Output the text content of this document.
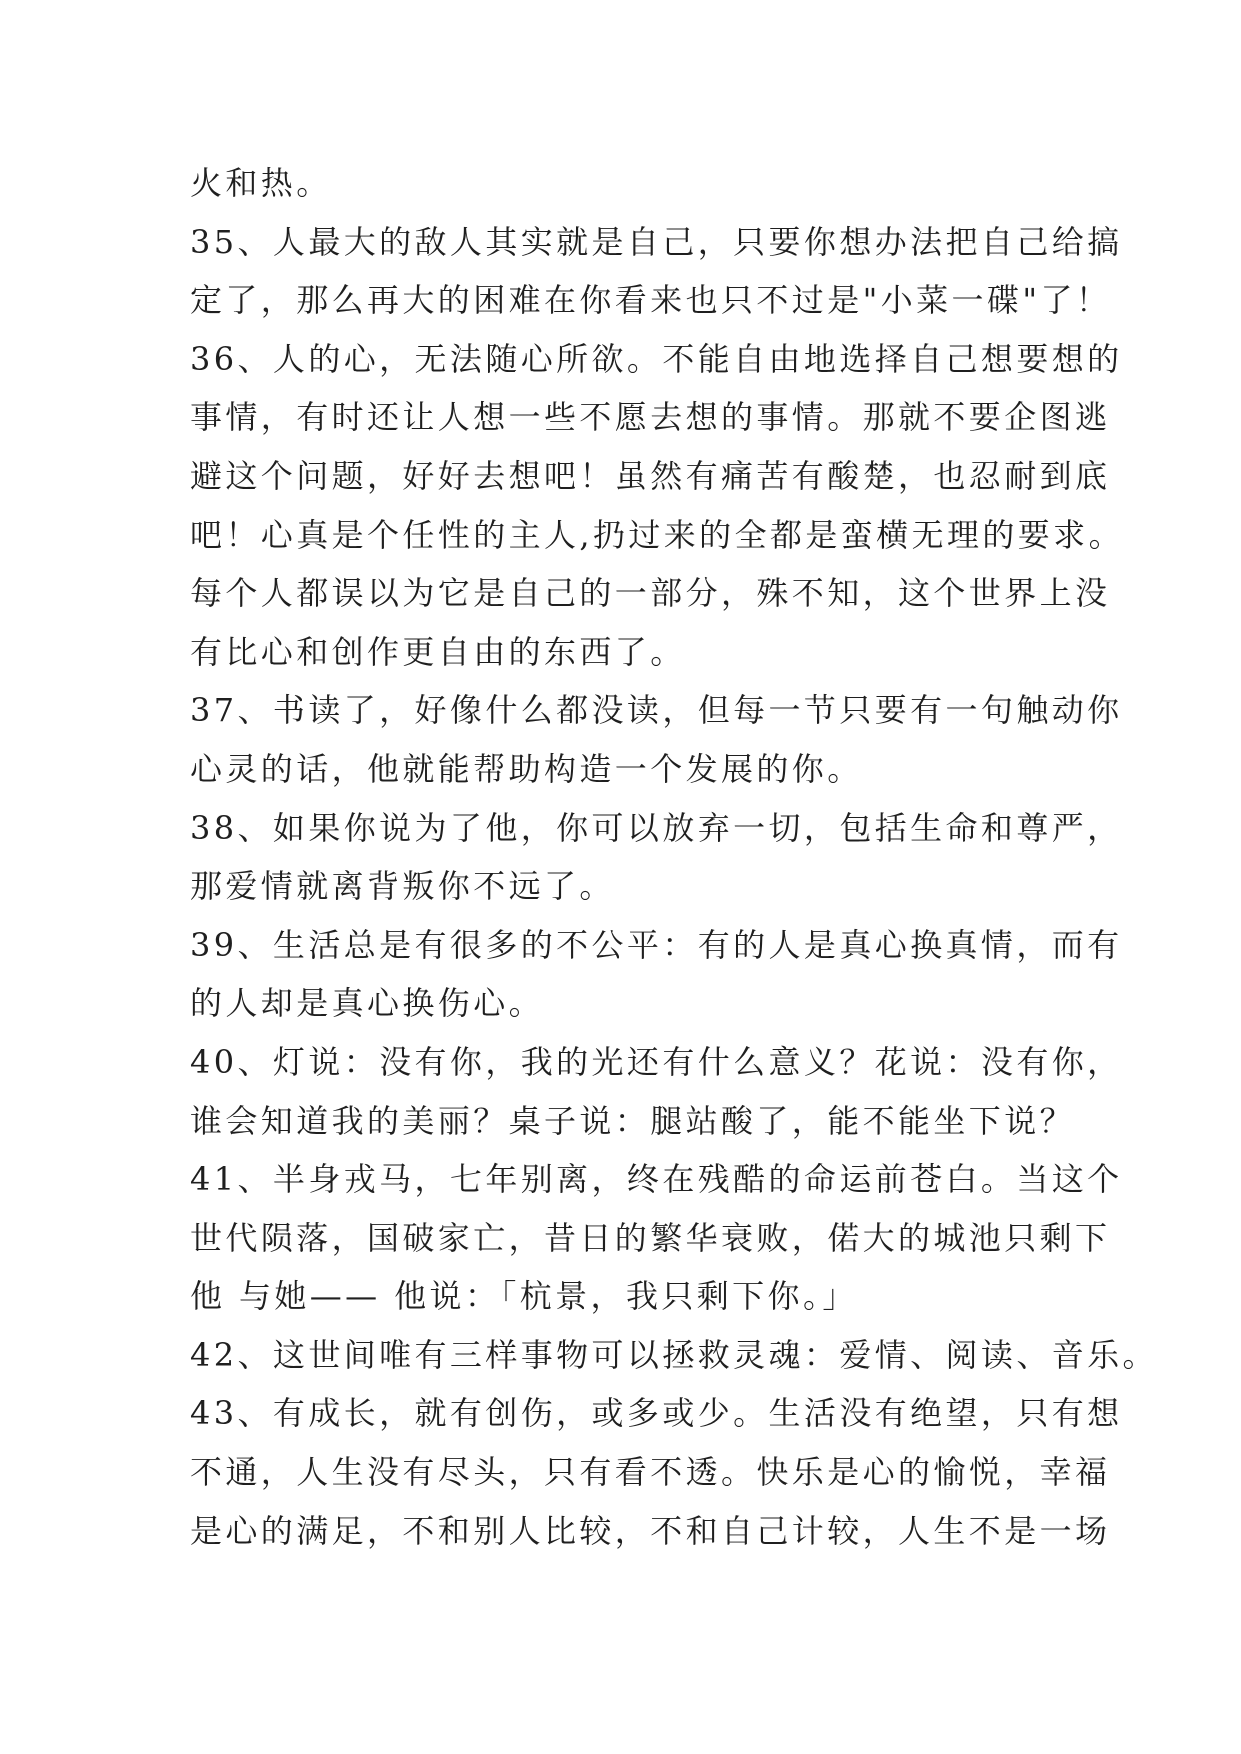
火和热。
35、人最大的敌人其实就是自己，只要你想办法把自己给搞
定了，那么再大的困难在你看来也只不过是"小菜一碟"了！
36、人的心，无法随心所欲。不能自由地选择自己想要想的
事情，有时还让人想一些不愿去想的事情。那就不要企图逃
避这个问题，好好去想吧！虽然有痛苦有酸楚，也忍耐到底
吧！心真是个任性的主人,扔过来的全都是蛮横无理的要求。
每个人都误以为它是自己的一部分，殊不知，这个世界上没
有比心和创作更自由的东西了。
37、书读了，好像什么都没读，但每一节只要有一句触动你
心灵的话，他就能帮助构造一个发展的你。
38、如果你说为了他，你可以放弃一切，包括生命和尊严，
那爱情就离背叛你不远了。
39、生活总是有很多的不公平：有的人是真心换真情，而有
的人却是真心换伤心。
40、灯说：没有你，我的光还有什么意义？花说：没有你，
谁会知道我的美丽？桌子说：腿站酸了，能不能坐下说？
41、半身戎马，七年别离，终在残酷的命运前苍白。当这个
世代陨落，国破家亡，昔日的繁华衰败，偌大的城池只剩下
他 与她—— 他说：「杭景，我只剩下你。」
42、这世间唯有三样事物可以拯救灵魂：爱情、阅读、音乐。
43、有成长，就有创伤，或多或少。生活没有绝望，只有想
不通，人生没有尽头，只有看不透。快乐是心的愉悦，幸福
是心的满足，不和别人比较，不和自己计较，人生不是一场
